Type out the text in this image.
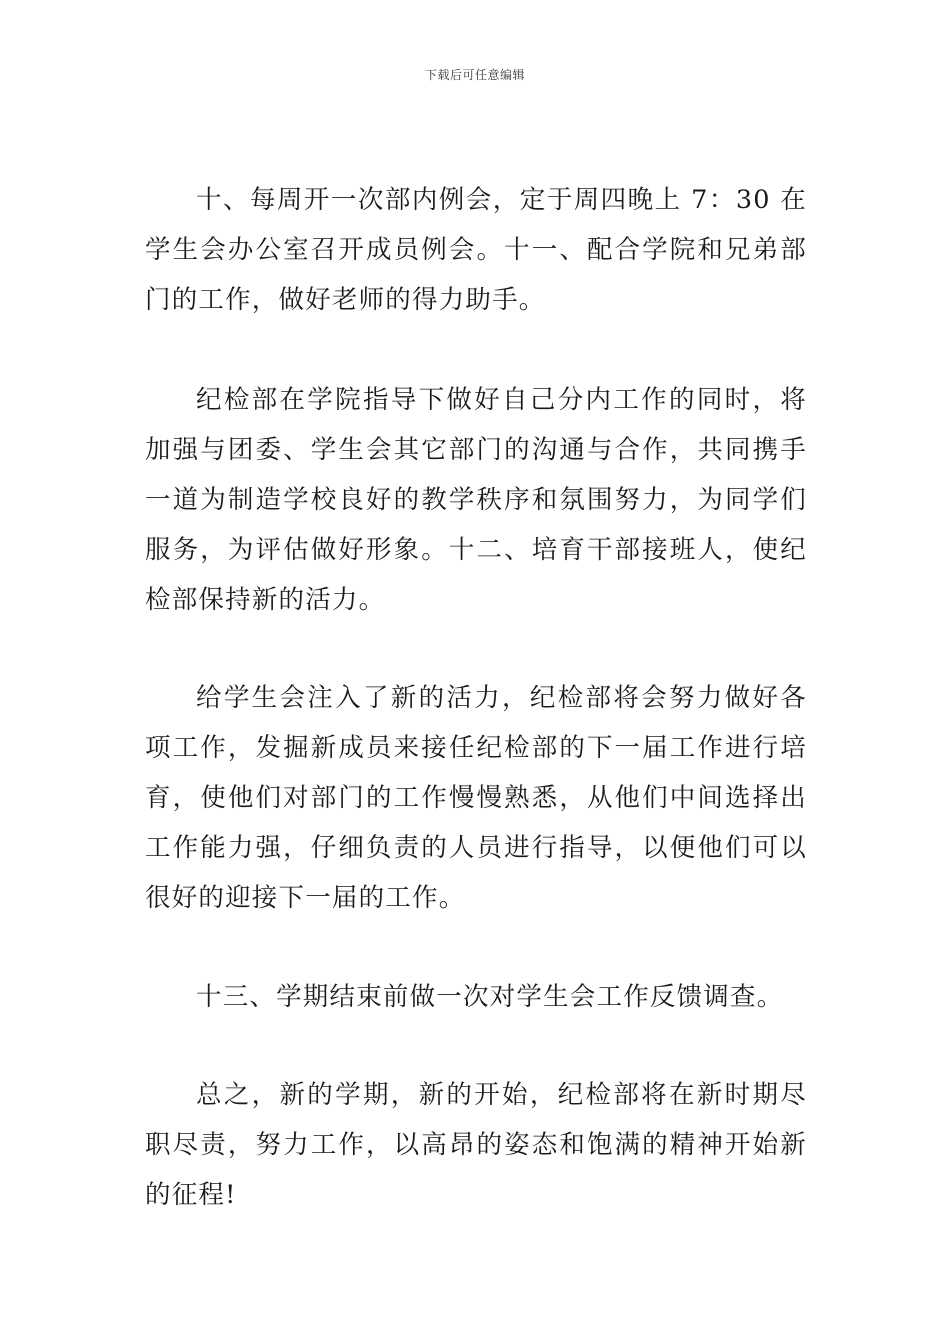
下载后可任意编辑

十、每周开一次部内例会，定于周四晚上 7：30 在学生会办公室召开成员例会。十一、配合学院和兄弟部门的工作，做好老师的得力助手。

纪检部在学院指导下做好自己分内工作的同时，将加强与团委、学生会其它部门的沟通与合作，共同携手一道为制造学校良好的教学秩序和氛围努力，为同学们服务，为评估做好形象。十二、培育干部接班人，使纪检部保持新的活力。

给学生会注入了新的活力，纪检部将会努力做好各项工作，发掘新成员来接任纪检部的下一届工作进行培育，使他们对部门的工作慢慢熟悉，从他们中间选择出工作能力强，仔细负责的人员进行指导，以便他们可以很好的迎接下一届的工作。

十三、学期结束前做一次对学生会工作反馈调查。

总之，新的学期，新的开始，纪检部将在新时期尽职尽责，努力工作，以高昂的姿态和饱满的精神开始新的征程!
